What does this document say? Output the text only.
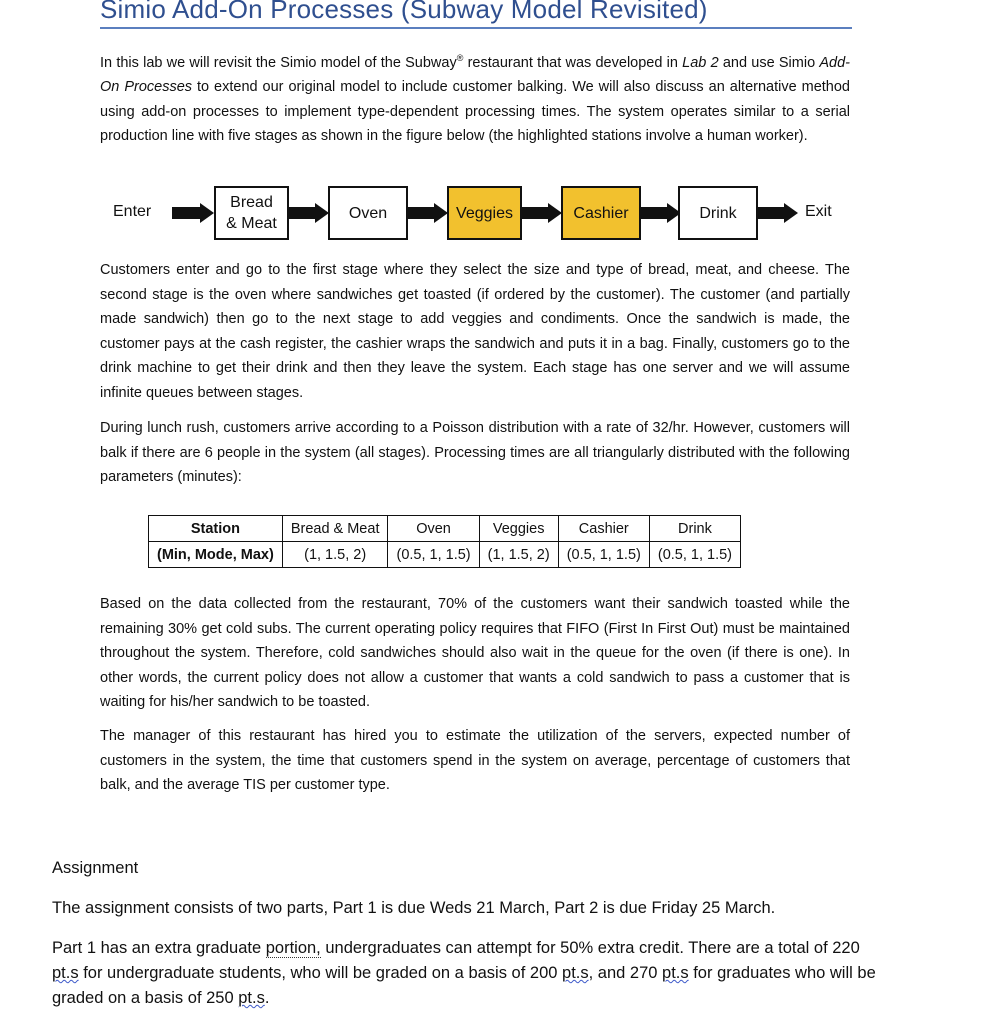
Simio Add-On Processes (Subway Model Revisited)

In this lab we will revisit the Simio model of the Subway® restaurant that was developed in Lab 2 and use Simio Add-On Processes to extend our original model to include customer balking. We will also discuss an alternative method using add-on processes to implement type-dependent processing times. The system operates similar to a serial production line with five stages as shown in the figure below (the highlighted stations involve a human worker).

Enter
Bread
& Meat
Oven	Veggies	Cashier	Drink	Exit

Customers enter and go to the first stage where they select the size and type of bread, meat, and cheese. The second stage is the oven where sandwiches get toasted (if ordered by the customer). The customer (and partially made sandwich) then go to the next stage to add veggies and condiments. Once the sandwich is made, the customer pays at the cash register, the cashier wraps the sandwich and puts it in a bag. Finally, customers go to the drink machine to get their drink and then they leave the system. Each stage has one server and we will assume infinite queues between stages.

During lunch rush, customers arrive according to a Poisson distribution with a rate of 32/hr. However, customers will balk if there are 6 people in the system (all stages). Processing times are all triangularly distributed with the following parameters (minutes):

Station	Bread & Meat	Oven	Veggies	Cashier	Drink
(Min, Mode, Max)	(1, 1.5, 2)	(0.5, 1, 1.5)	(1, 1.5, 2)	(0.5, 1, 1.5)	(0.5, 1, 1.5)

Based on the data collected from the restaurant, 70% of the customers want their sandwich toasted while the remaining 30% get cold subs. The current operating policy requires that FIFO (First In First Out) must be maintained throughout the system. Therefore, cold sandwiches should also wait in the queue for the oven (if there is one). In other words, the current policy does not allow a customer that wants a cold sandwich to pass a customer that is waiting for his/her sandwich to be toasted.

The manager of this restaurant has hired you to estimate the utilization of the servers, expected number of customers in the system, the time that customers spend in the system on average, percentage of customers that balk, and the average TIS per customer type.

Assignment

The assignment consists of two parts, Part 1 is due Weds 21 March, Part 2 is due Friday 25 March.

Part 1 has an extra graduate portion, undergraduates can attempt for 50% extra credit. There are a total of 220 pt.s for undergraduate students, who will be graded on a basis of 200 pt.s, and 270 pt.s for graduates who will be graded on a basis of 250 pt.s.
